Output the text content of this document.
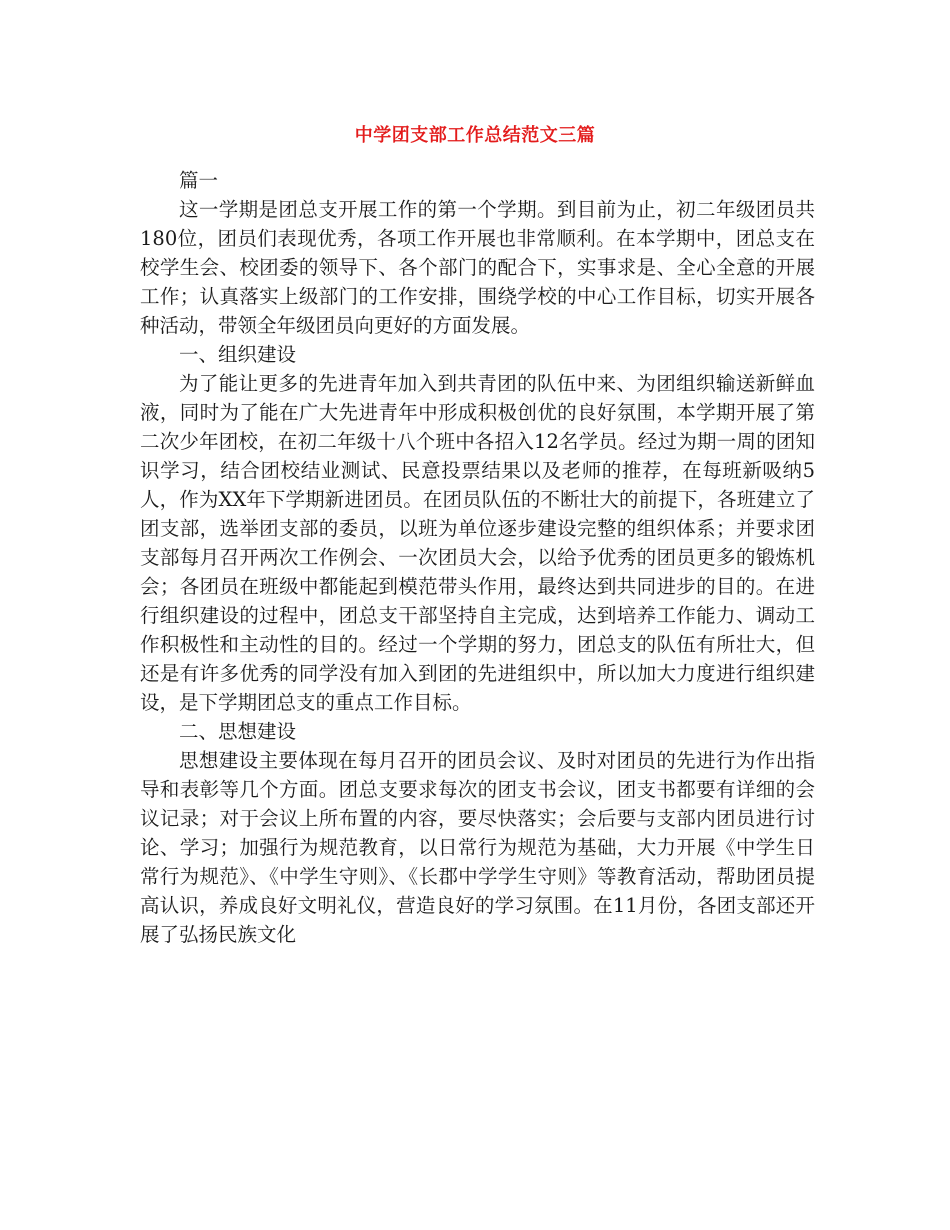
中学团支部工作总结范文三篇

篇一

这一学期是团总支开展工作的第一个学期。到目前为止，初二年级团员共180位，团员们表现优秀，各项工作开展也非常顺利。在本学期中，团总支在校学生会、校团委的领导下、各个部门的配合下，实事求是、全心全意的开展工作；认真落实上级部门的工作安排，围绕学校的中心工作目标，切实开展各种活动，带领全年级团员向更好的方面发展。

一、组织建设

为了能让更多的先进青年加入到共青团的队伍中来、为团组织输送新鲜血液，同时为了能在广大先进青年中形成积极创优的良好氛围，本学期开展了第二次少年团校，在初二年级十八个班中各招入12名学员。经过为期一周的团知识学习，结合团校结业测试、民意投票结果以及老师的推荐，在每班新吸纳5人，作为XX年下学期新进团员。在团员队伍的不断壮大的前提下，各班建立了团支部，选举团支部的委员，以班为单位逐步建设完整的组织体系；并要求团支部每月召开两次工作例会、一次团员大会，以给予优秀的团员更多的锻炼机会；各团员在班级中都能起到模范带头作用，最终达到共同进步的目的。在进行组织建设的过程中，团总支干部坚持自主完成，达到培养工作能力、调动工作积极性和主动性的目的。经过一个学期的努力，团总支的队伍有所壮大，但还是有许多优秀的同学没有加入到团的先进组织中，所以加大力度进行组织建设，是下学期团总支的重点工作目标。

二、思想建设

思想建设主要体现在每月召开的团员会议、及时对团员的先进行为作出指导和表彰等几个方面。团总支要求每次的团支书会议，团支书都要有详细的会议记录；对于会议上所布置的内容，要尽快落实；会后要与支部内团员进行讨论、学习；加强行为规范教育，以日常行为规范为基础，大力开展《中学生日常行为规范》、《中学生守则》、《长郡中学学生守则》等教育活动，帮助团员提高认识，养成良好文明礼仪，营造良好的学习氛围。在11月份，各团支部还开展了弘扬民族文化
